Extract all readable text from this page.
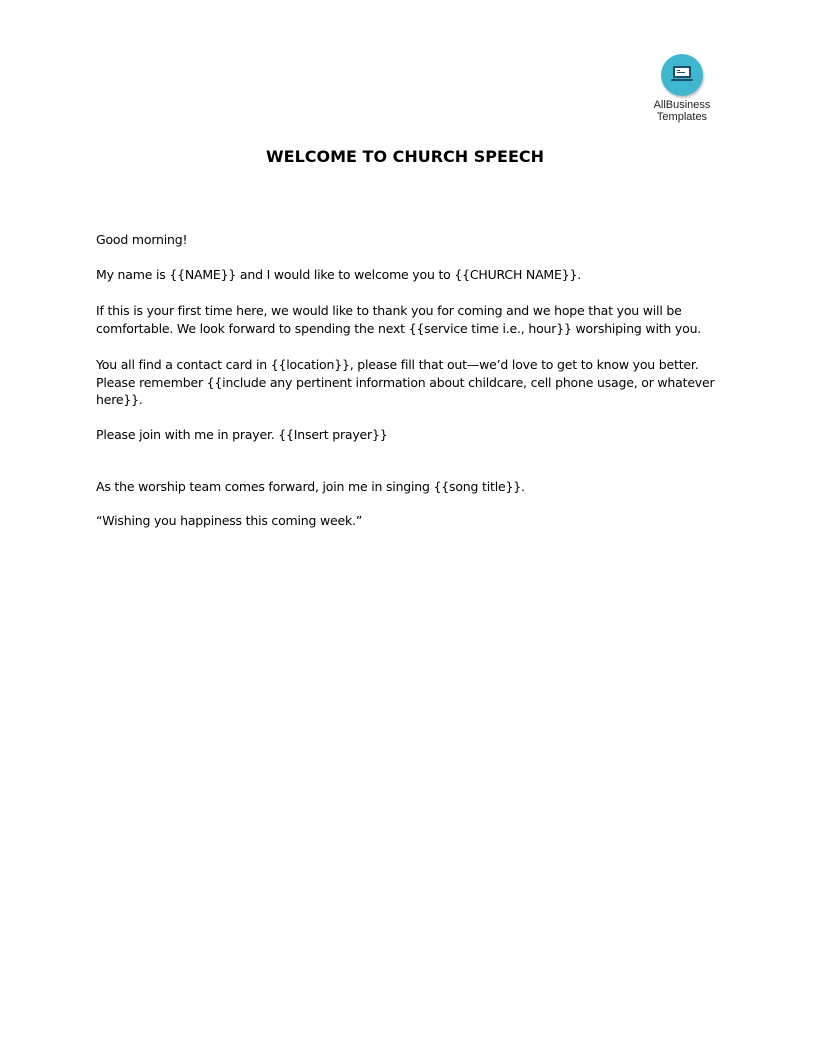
AllBusiness
Templates
WELCOME TO CHURCH SPEECH

Good morning!

My name is {{NAME}} and I would like to welcome you to {{CHURCH NAME}}.

If this is your first time here, we would like to thank you for coming and we hope that you will be

comfortable. We look forward to spending the next {{service time i.e., hour}} worshiping with you.

You all find a contact card in {{location}}, please fill that out—we’d love to get to know you better.

Please remember {{include any pertinent information about childcare, cell phone usage, or whatever

here}}.

Please join with me in prayer. {{Insert prayer}}

As the worship team comes forward, join me in singing {{song title}}.

“Wishing you happiness this coming week.”
